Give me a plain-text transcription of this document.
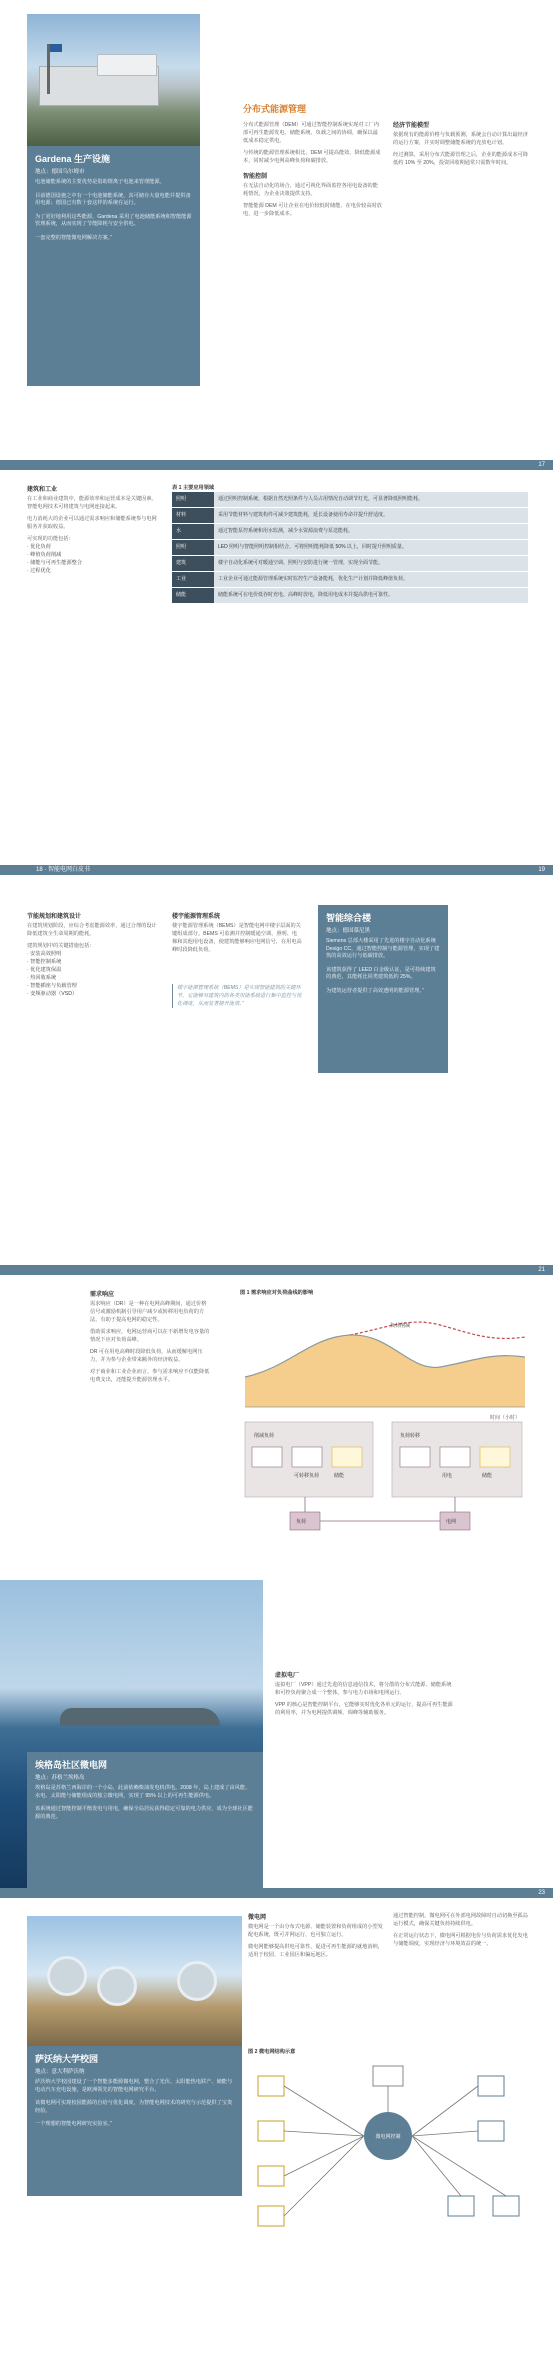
Gardena 生产设施
地点：德国乌尔姆市
电池储能系统的主要优势是借助锂离子电池来管理能源。
目前德国设施之中有一个电池储能系统，其可储存大量电能并提供备用电源；德国已有数十套这样的系统在运行。
为了更好地利用这些能源，Gardena 采用了电池储能系统和智能能源管理系统，从而实现了节能降耗与安全供电。
一套完整的智能微电网解决方案。”
分布式能源管理

分布式能源管理（DEM）可通过智能控制系统实现对工厂内部可再生能源发电、储能系统、负载之间的协调，确保以最低成本稳定供电。

与传统的能源管理系统相比，DEM 可提高能效、降低能源成本，同时减少电网高峰负荷和碳排放。

智能控制

在无法自动化的场合，通过可视化界面监控各用电设备的能耗情况，为企业决策提供支持。

智能能源 DEM 可让企业在电价较低时储能、在电价较高时放电，进一步降低成本。

经济节能模型

依据现有的能源价格与负载预测，系统会自动计算出最经济的运行方案，并实时调整储能系统的充放电计划。

经过测算，采用分布式能源管理之后，企业的能源成本可降低约 10% 至 20%，投资回收期通常只需数年时间。

17
建筑和工业

在工业和商业建筑中，能源效率和运营成本是关键因素。智能电网技术可将建筑与电网连接起来。

电力消耗大的企业可以通过需求响应和储能系统参与电网服务并获取收益。

可实现的功能包括：

· 优化负荷
· 峰值负荷削减
· 储能与可再生能源整合
· 过程优化
表 1 主要应用领域
照明	通过照明控制系统，根据自然光照条件与人员占用情况自动调节灯光，可显著降低照明能耗。
材料	采用节能材料与建筑构件可减少建筑能耗，延长设备使用寿命并提升舒适度。
水	通过智能泵控系统和用水监测，减少水资源浪费与泵送能耗。
照明	LED 照明与智能照明控制相结合，可将照明能耗降低 50% 以上，同时提升照明质量。
建筑	楼宇自动化系统可对暖通空调、照明与安防进行统一管理，实现全面节能。
工业	工业企业可通过能源管理系统实时监控生产设备能耗，优化生产计划并降低峰值负荷。
储能	储能系统可在电价低谷时充电、高峰时放电，降低用电成本并提高供电可靠性。
18 · 智能电网白皮书	19
节能规划和建筑设计

在建筑规划阶段，应综合考虑能源效率，通过合理的设计降低建筑全生命周期的能耗。

建筑规划中的关键措施包括：

· 安装高效照明
· 智能控制系统
· 优化建筑保温
· 热回收系统
· 智能插座与负载管理
· 变频驱动器（VSD）
楼宇能源管理系统

楼宇能源管理系统（BEMS）是智能电网中楼宇层面的关键组成部分。BEMS 可监测并控制暖通空调、照明、电梯和其他用电设备，使建筑能够响应电网信号，在用电高峰时段降低负荷。

楼宇能源管理系统（BEMS）是实现智能建筑的关键环节，它能够对建筑内的各类用能系统进行集中监控与优化调度，从而显著提升能效。”

智能综合楼
地点：德国慕尼黑
Siemens 总部大楼采用了先进的楼宇自动化系统 Desigo CC，通过智能控制与能源管理，实现了建筑的高效运行与低碳排放。
该建筑获得了 LEED 白金级认证，是可持续建筑的典范，其能耗比同类建筑低约 25%。
为建筑运营者提供了高效透明的能源管理。”
21
需求响应

需求响应（DR）是一种在电网高峰期间，通过价格信号或激励机制引导用户减少或转移用电负荷的方法，有助于提高电网的稳定性。

借助需求响应，电网运营商可以在不新增发电容量的情况下应对负荷高峰。

DR 可在用电高峰时段降低负荷，从而缓解电网压力，并为参与企业带来额外的经济收益。

对于商业和工业企业而言，参与需求响应不仅能降低电费支出，还能提升能源管理水平。

图 1 需求响应对负荷曲线的影响
负荷削减
时间（小时）
削减负荷
可转移负荷	储能
负荷转移
用电	储能
负荷	电网
埃格岛社区微电网
地点：苏格兰埃格岛
埃格岛是苏格兰西海岸的一个小岛，此前依赖柴油发电机供电。2008 年，岛上建成了由风能、水电、太阳能与储能组成的独立微电网，实现了 95% 以上的可再生能源供电。
该系统通过智能控制平衡发电与用电，确保全岛居民获得稳定可靠的电力供应，成为全球社区能源的典范。
虚拟电厂

虚拟电厂（VPP）通过先进的信息通信技术，将分散的分布式能源、储能系统和可控负荷聚合成一个整体，参与电力市场和电网运行。

VPP 的核心是智能控制平台，它能够实时优化各单元的运行，提高可再生能源的利用率，并为电网提供调频、调峰等辅助服务。

23
萨沃纳大学校园
地点：意大利萨沃纳
萨沃纳大学校园建设了一个智能多能源微电网，整合了光伏、太阳能热电联产、储能与电动汽车充电设施，是欧洲领先的智能电网研究平台。
该微电网可实现校园能源的自给与优化调度，为智能电网技术的研究与示范提供了宝贵经验。
一个理想的智能电网研究实验室。”
微电网

微电网是一个由分布式电源、储能装置和负荷组成的小型发配电系统，既可并网运行，也可独立运行。

微电网能够提高供电可靠性，促进可再生能源的就地消纳，适用于校园、工业园区和偏远地区。

通过智能控制，微电网可在外部电网故障时自动切换至孤岛运行模式，确保关键负荷持续供电。

在正常运行状态下，微电网可根据电价与负荷需求优化发电与储能调度，实现经济与环境效益的统一。

图 2 微电网结构示意
微电网控制
